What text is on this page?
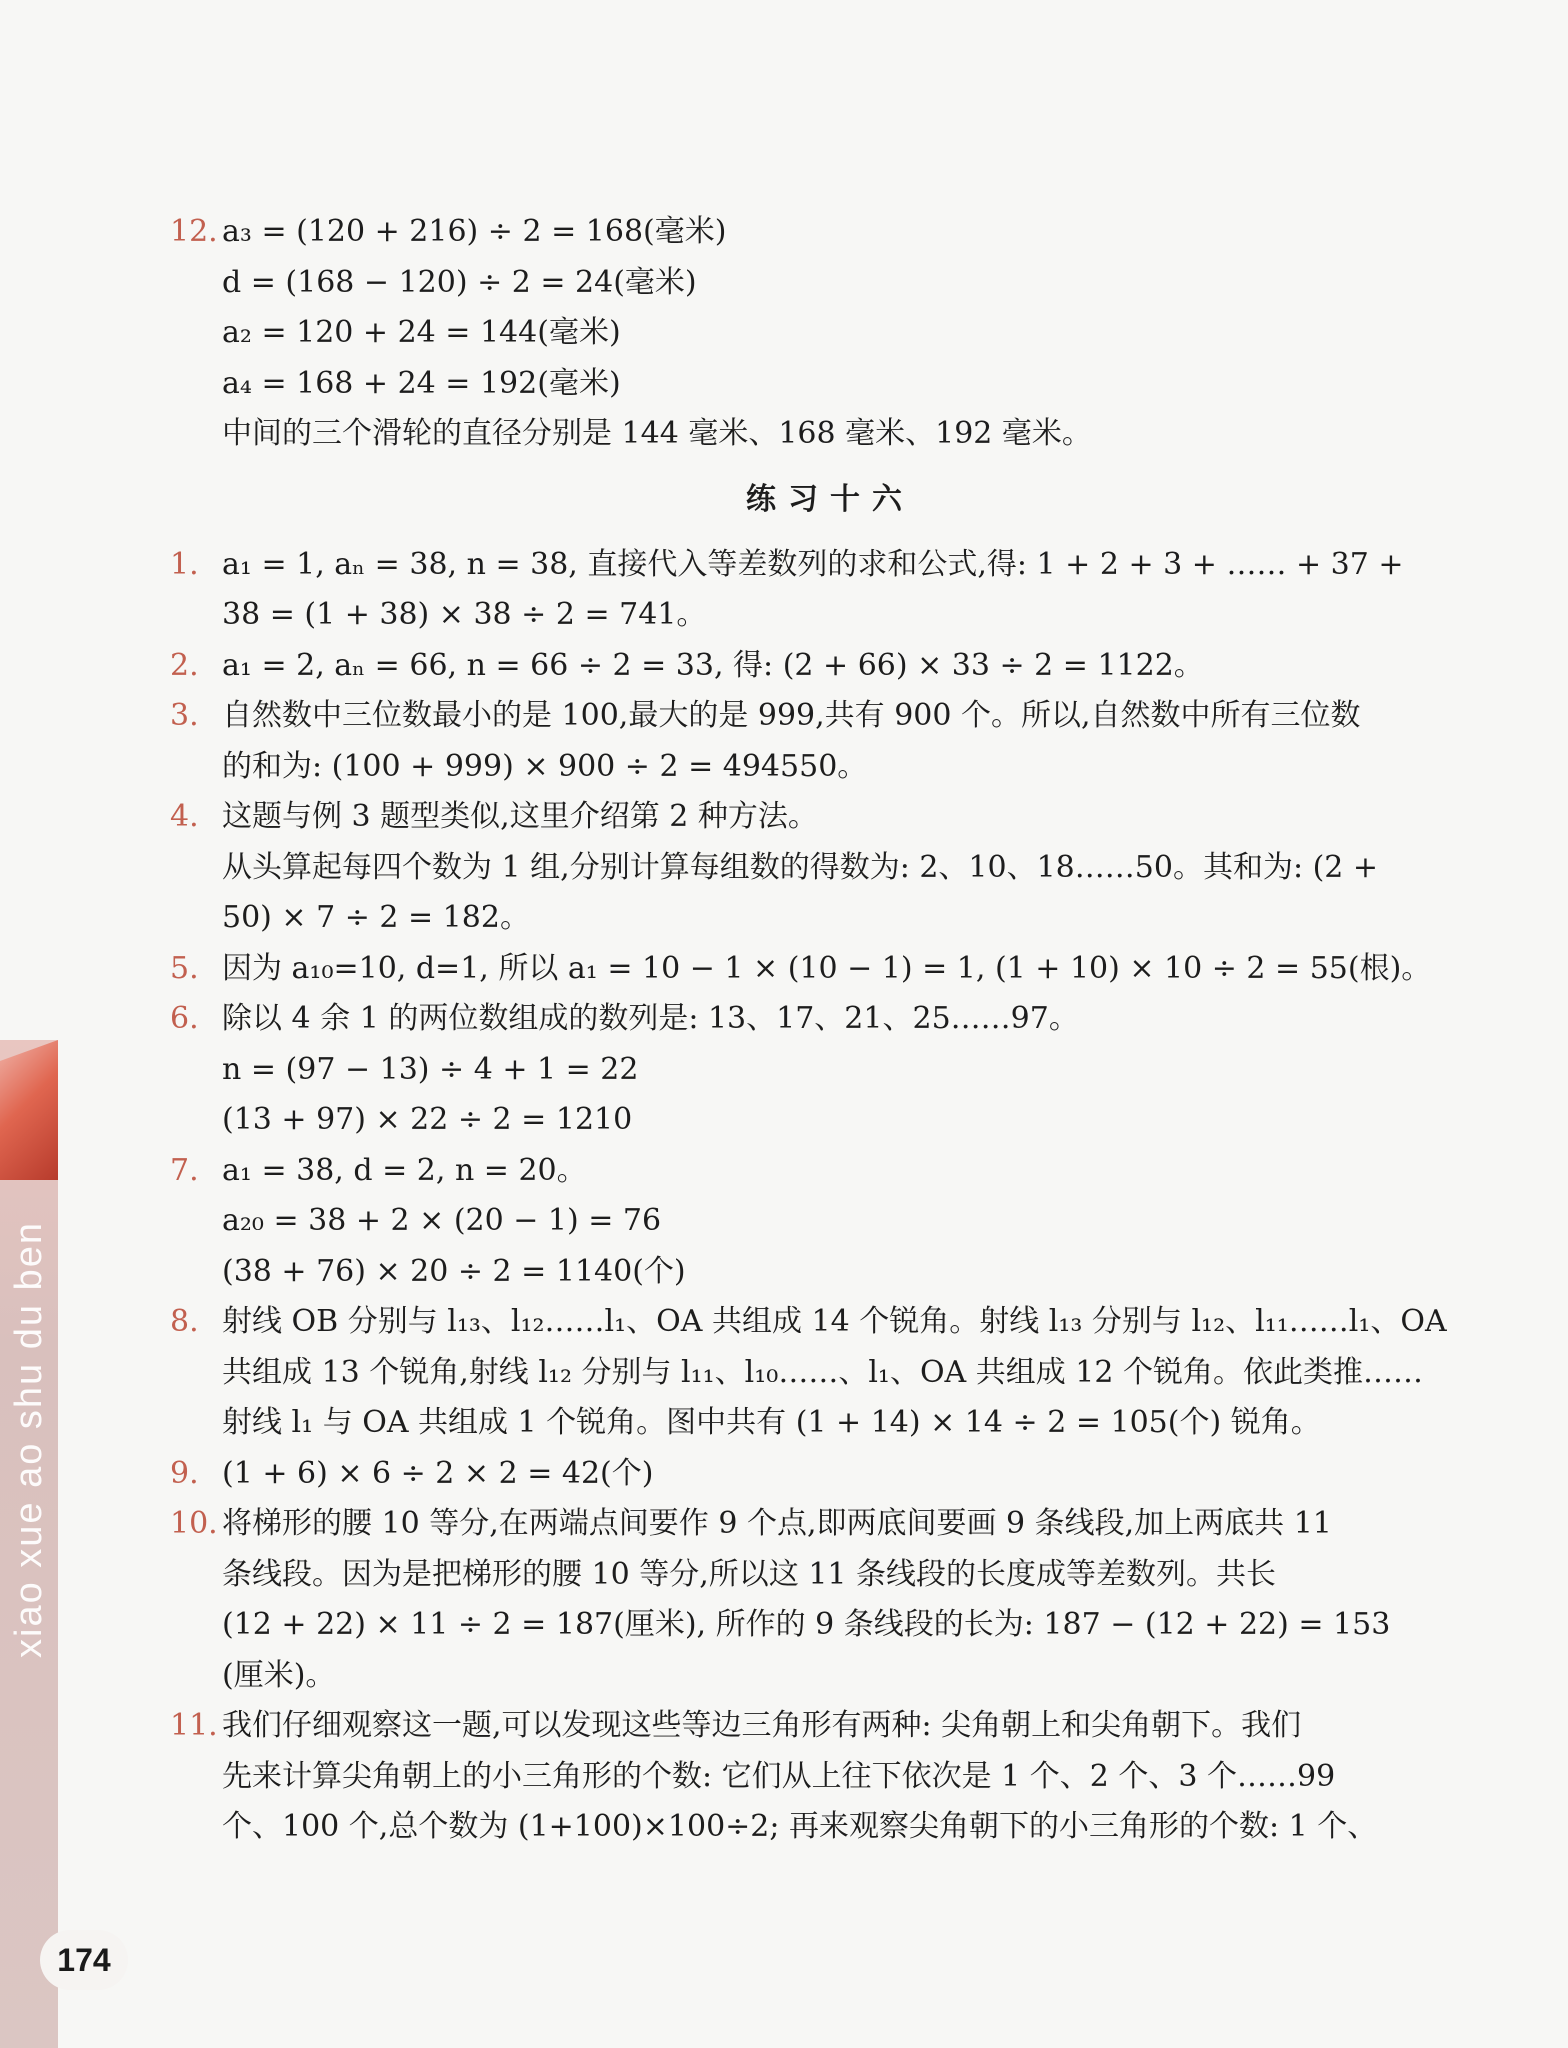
xiao xue ao shu du ben
12. a₃ = (120 + 216) ÷ 2 = 168(毫米)
d = (168 − 120) ÷ 2 = 24(毫米)
a₂ = 120 + 24 = 144(毫米)
a₄ = 168 + 24 = 192(毫米)
中间的三个滑轮的直径分别是 144 毫米、168 毫米、192 毫米。
练习十六
1. a₁ = 1, aₙ = 38, n = 38, 直接代入等差数列的求和公式,得: 1 + 2 + 3 + …… + 37 +
38 = (1 + 38) × 38 ÷ 2 = 741。
2. a₁ = 2, aₙ = 66, n = 66 ÷ 2 = 33, 得: (2 + 66) × 33 ÷ 2 = 1122。
3. 自然数中三位数最小的是 100,最大的是 999,共有 900 个。所以,自然数中所有三位数
的和为: (100 + 999) × 900 ÷ 2 = 494550。
4. 这题与例 3 题型类似,这里介绍第 2 种方法。
从头算起每四个数为 1 组,分别计算每组数的得数为: 2、10、18……50。其和为: (2 +
50) × 7 ÷ 2 = 182。
5. 因为 a₁₀=10, d=1, 所以 a₁ = 10 − 1 × (10 − 1) = 1, (1 + 10) × 10 ÷ 2 = 55(根)。
6. 除以 4 余 1 的两位数组成的数列是: 13、17、21、25……97。
n = (97 − 13) ÷ 4 + 1 = 22
(13 + 97) × 22 ÷ 2 = 1210
7. a₁ = 38, d = 2, n = 20。
a₂₀ = 38 + 2 × (20 − 1) = 76
(38 + 76) × 20 ÷ 2 = 1140(个)
8. 射线 OB 分别与 l₁₃、l₁₂……l₁、OA 共组成 14 个锐角。射线 l₁₃ 分别与 l₁₂、l₁₁……l₁、OA
共组成 13 个锐角,射线 l₁₂ 分别与 l₁₁、l₁₀……、l₁、OA 共组成 12 个锐角。依此类推……
射线 l₁ 与 OA 共组成 1 个锐角。图中共有 (1 + 14) × 14 ÷ 2 = 105(个) 锐角。
9. (1 + 6) × 6 ÷ 2 × 2 = 42(个)
10. 将梯形的腰 10 等分,在两端点间要作 9 个点,即两底间要画 9 条线段,加上两底共 11
条线段。因为是把梯形的腰 10 等分,所以这 11 条线段的长度成等差数列。共长
(12 + 22) × 11 ÷ 2 = 187(厘米), 所作的 9 条线段的长为: 187 − (12 + 22) = 153
(厘米)。
11. 我们仔细观察这一题,可以发现这些等边三角形有两种: 尖角朝上和尖角朝下。我们
先来计算尖角朝上的小三角形的个数: 它们从上往下依次是 1 个、2 个、3 个……99
个、100 个,总个数为 (1+100)×100÷2; 再来观察尖角朝下的小三角形的个数: 1 个、
174
